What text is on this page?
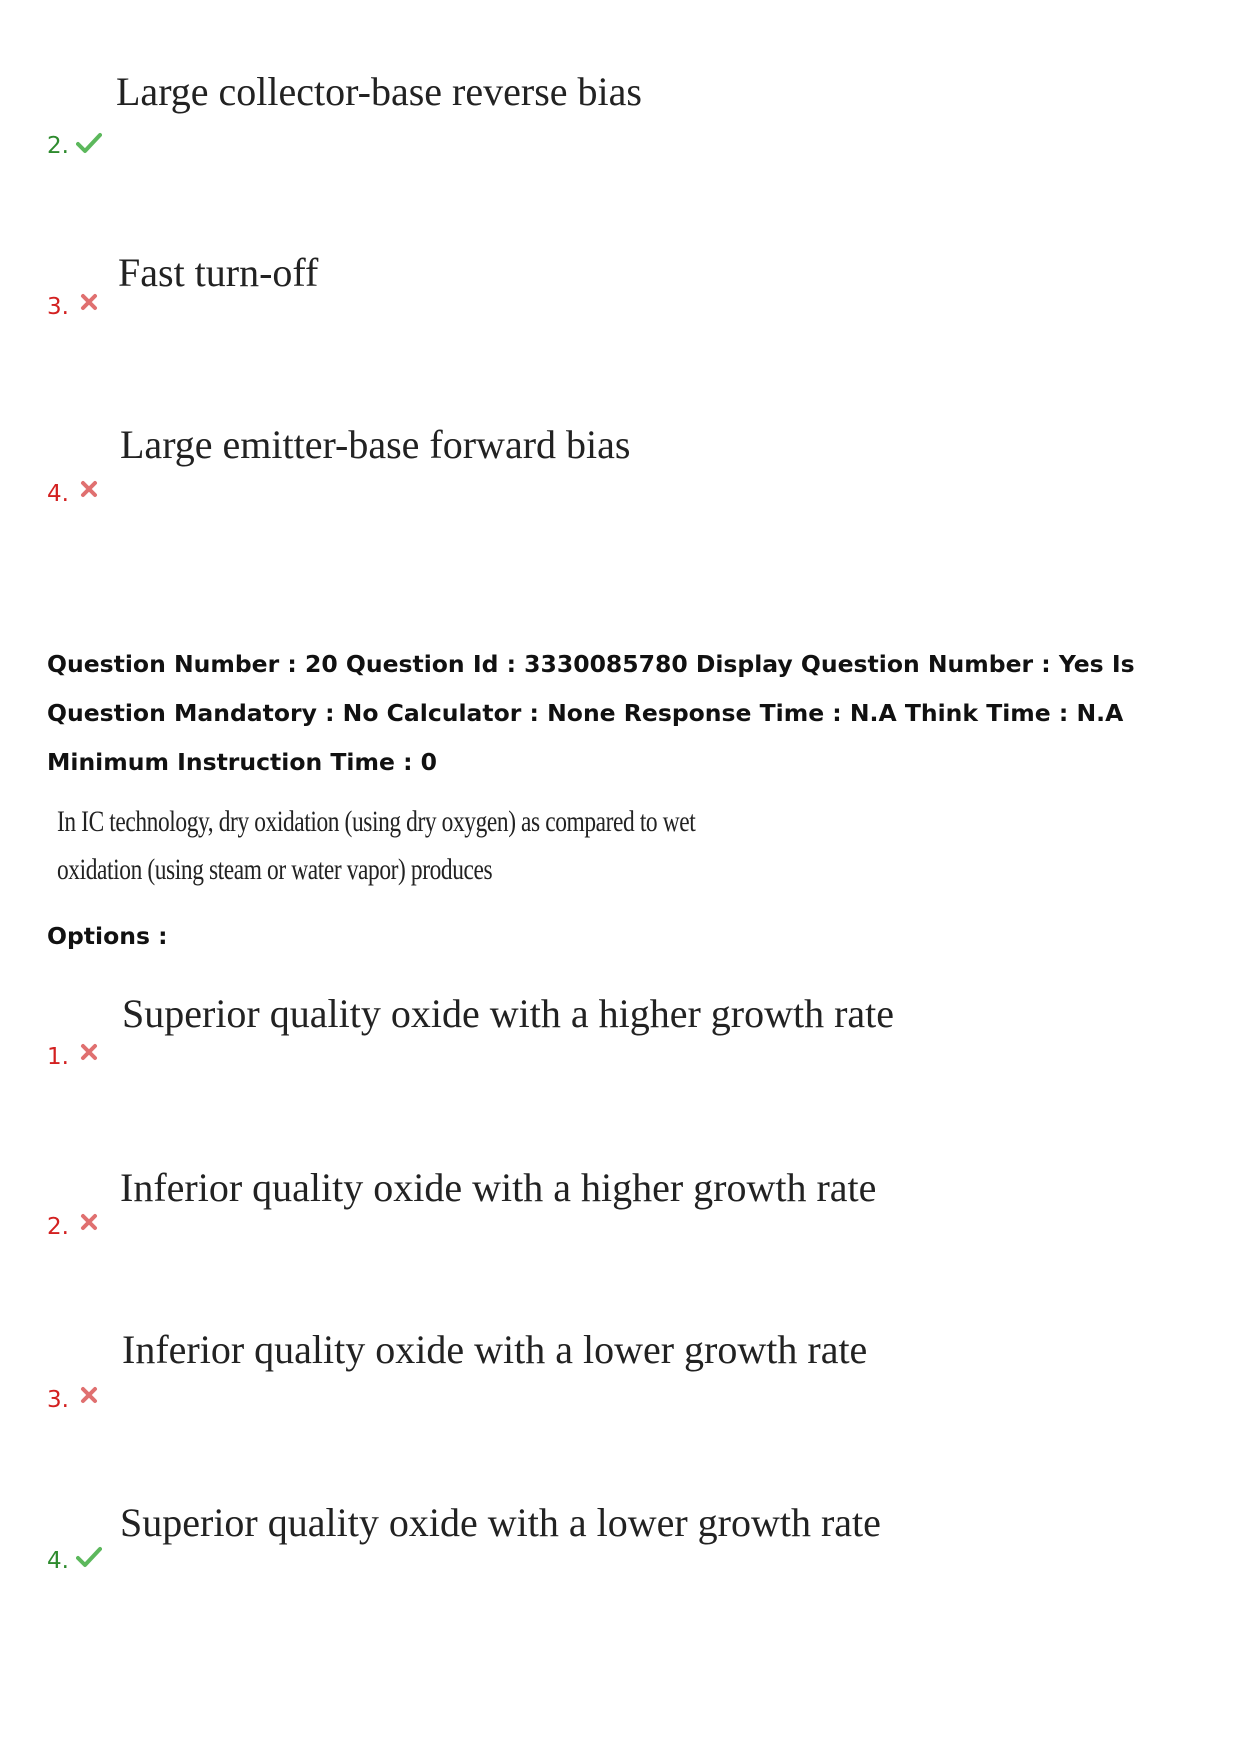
Large collector-base reverse bias
2.
Fast turn-off
3.
Large emitter-base forward bias
4.
Question Number : 20 Question Id : 3330085780 Display Question Number : Yes Is Question Mandatory : No Calculator : None Response Time : N.A Think Time : N.A Minimum Instruction Time : 0
In IC technology, dry oxidation (using dry oxygen) as compared to wet oxidation (using steam or water vapor) produces
Options :
Superior quality oxide with a higher growth rate
1.
Inferior quality oxide with a higher growth rate
2.
Inferior quality oxide with a lower growth rate
3.
Superior quality oxide with a lower growth rate
4.
